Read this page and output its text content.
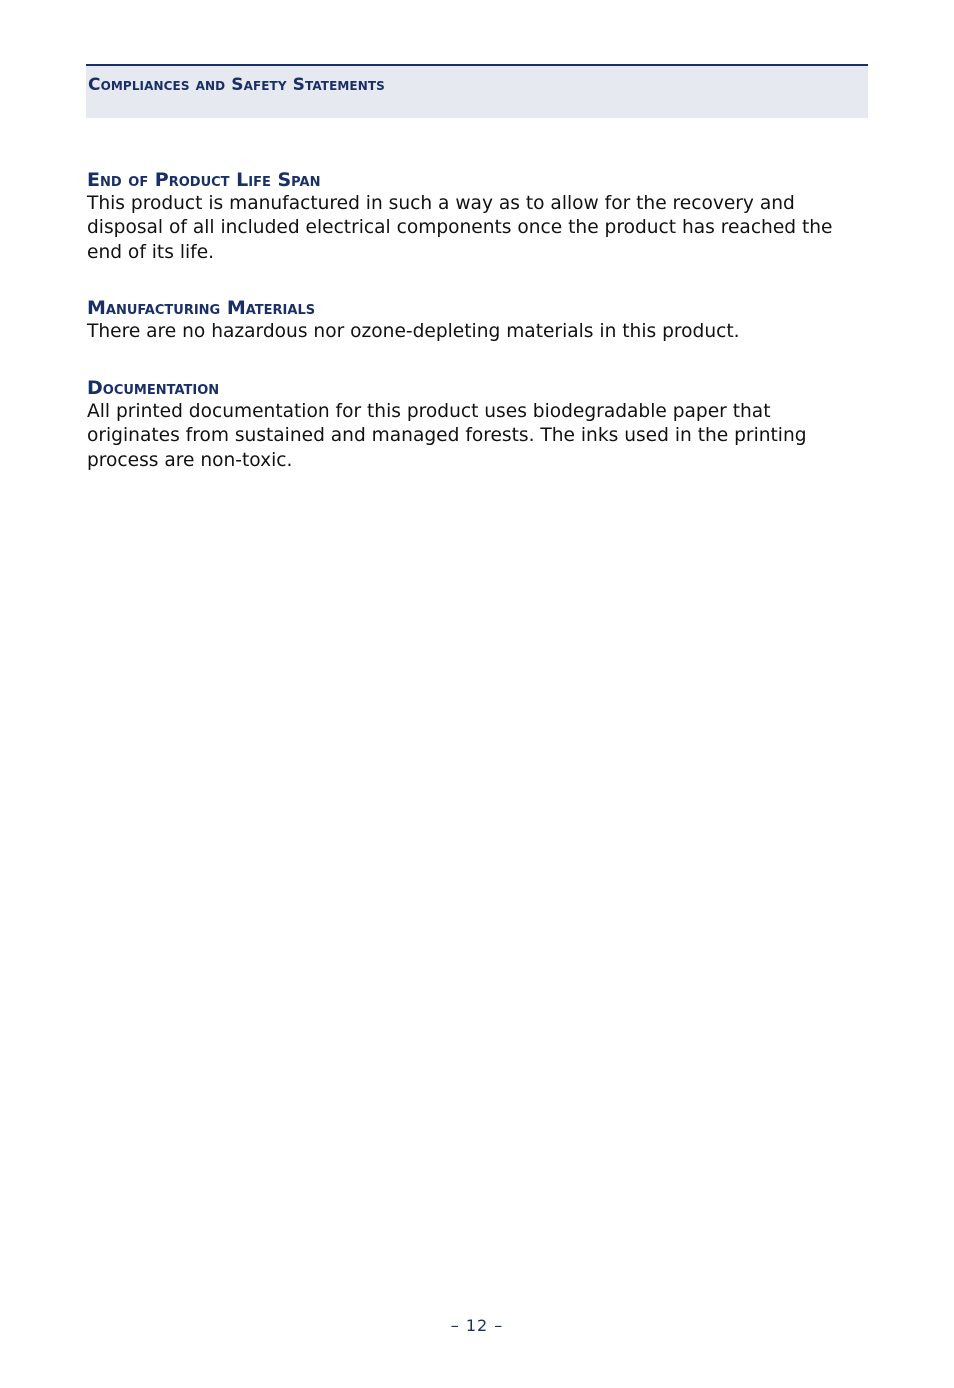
Compliances and Safety Statements
End of Product Life Span

This product is manufactured in such a way as to allow for the recovery and disposal of all included electrical components once the product has reached the end of its life.

Manufacturing Materials

There are no hazardous nor ozone-depleting materials in this product.

Documentation

All printed documentation for this product uses biodegradable paper that originates from sustained and managed forests. The inks used in the printing process are non-toxic.

– 12 –
